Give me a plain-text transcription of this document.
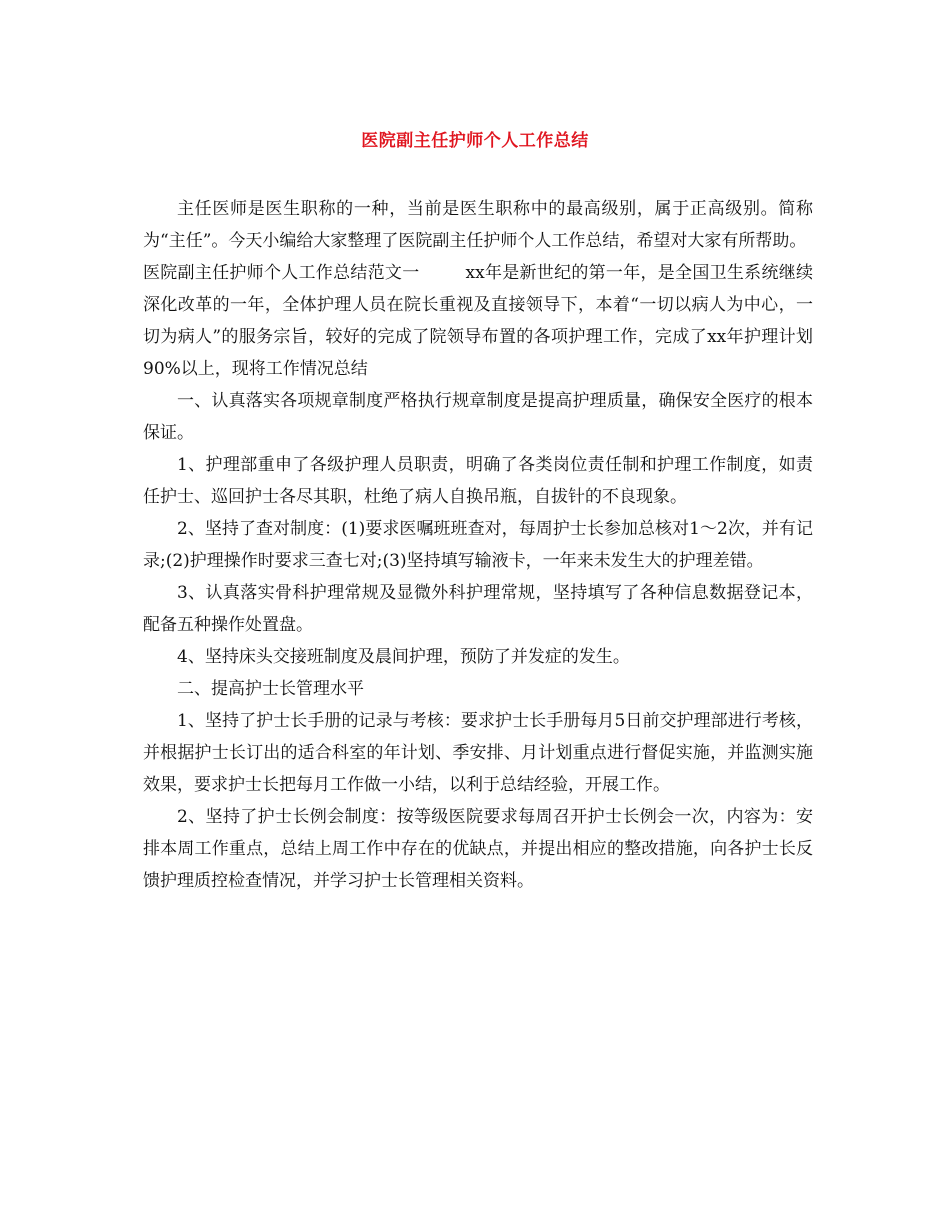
医院副主任护师个人工作总结

主任医师是医生职称的一种，当前是医生职称中的最高级别，属于正高级别。简称为“主任”。今天小编给大家整理了医院副主任护师个人工作总结，希望对大家有所帮助。

医院副主任护师个人工作总结范文一	xx年是新世纪的第一年，是全国卫生系统继续深化改革的一年，全体护理人员在院长重视及直接领导下，本着“一切以病人为中心，一切为病人”的服务宗旨，较好的完成了院领导布置的各项护理工作，完成了xx年护理计划90%以上，现将工作情况总结

一、认真落实各项规章制度严格执行规章制度是提高护理质量，确保安全医疗的根本保证。

1、护理部重申了各级护理人员职责，明确了各类岗位责任制和护理工作制度，如责任护士、巡回护士各尽其职，杜绝了病人自换吊瓶，自拔针的不良现象。

2、坚持了查对制度：(1)要求医嘱班班查对，每周护士长参加总核对1～2次，并有记录;(2)护理操作时要求三查七对;(3)坚持填写输液卡，一年来未发生大的护理差错。

3、认真落实骨科护理常规及显微外科护理常规，坚持填写了各种信息数据登记本，配备五种操作处置盘。

4、坚持床头交接班制度及晨间护理，预防了并发症的发生。

二、提高护士长管理水平

1、坚持了护士长手册的记录与考核：要求护士长手册每月5日前交护理部进行考核，并根据护士长订出的适合科室的年计划、季安排、月计划重点进行督促实施，并监测实施效果，要求护士长把每月工作做一小结，以利于总结经验，开展工作。

2、坚持了护士长例会制度：按等级医院要求每周召开护士长例会一次，内容为：安排本周工作重点，总结上周工作中存在的优缺点，并提出相应的整改措施，向各护士长反馈护理质控检查情况，并学习护士长管理相关资料。
